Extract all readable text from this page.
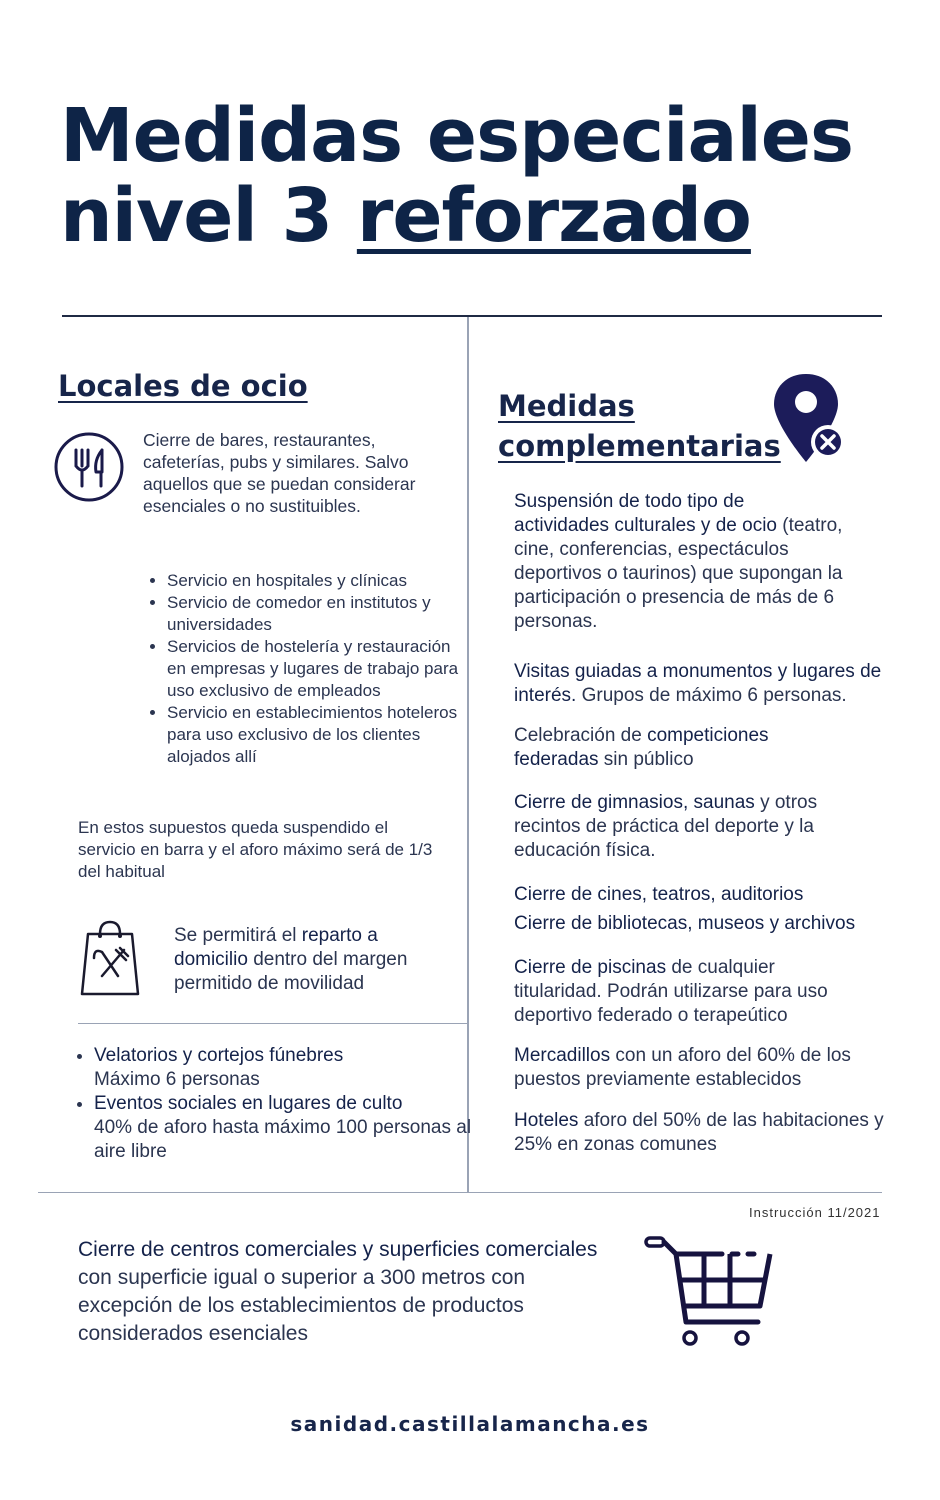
Medidas especiales
nivel 3 reforzado
Locales de ocio
Cierre de bares, restaurantes, cafeterías, pubs y similares. Salvo aquellos que se puedan considerar esenciales o no sustituibles.
• Servicio en hospitales y clínicas
• Servicio de comedor en institutos y universidades
• Servicios de hostelería y restauración en empresas y lugares de trabajo para uso exclusivo de empleados
• Servicio en establecimientos hoteleros para uso exclusivo de los clientes alojados allí
En estos supuestos queda suspendido el servicio en barra y el aforo máximo será de 1/3 del habitual
Se permitirá el reparto a domicilio dentro del margen permitido de movilidad
• Velatorios y cortejos fúnebres
Máximo 6 personas
• Eventos sociales en lugares de culto
40% de aforo hasta máximo 100 personas al aire libre
Medidas
complementarias
Suspensión de todo tipo de actividades culturales y de ocio (teatro, cine, conferencias, espectáculos deportivos o taurinos) que supongan la participación o presencia de más de 6 personas.
Visitas guiadas a monumentos y lugares de interés. Grupos de máximo 6 personas.
Celebración de competiciones federadas sin público
Cierre de gimnasios, saunas y otros recintos de práctica del deporte y la educación física.
Cierre de cines, teatros, auditorios
Cierre de bibliotecas, museos y archivos
Cierre de piscinas de cualquier titularidad. Podrán utilizarse para uso deportivo federado o terapeútico
Mercadillos con un aforo del 60% de los puestos previamente establecidos
Hoteles aforo del 50% de las habitaciones y 25% en zonas comunes
Instrucción 11/2021
Cierre de centros comerciales y superficies comerciales con superficie igual o superior a 300 metros con excepción de los establecimientos de productos considerados esenciales
sanidad.castillalamancha.es
